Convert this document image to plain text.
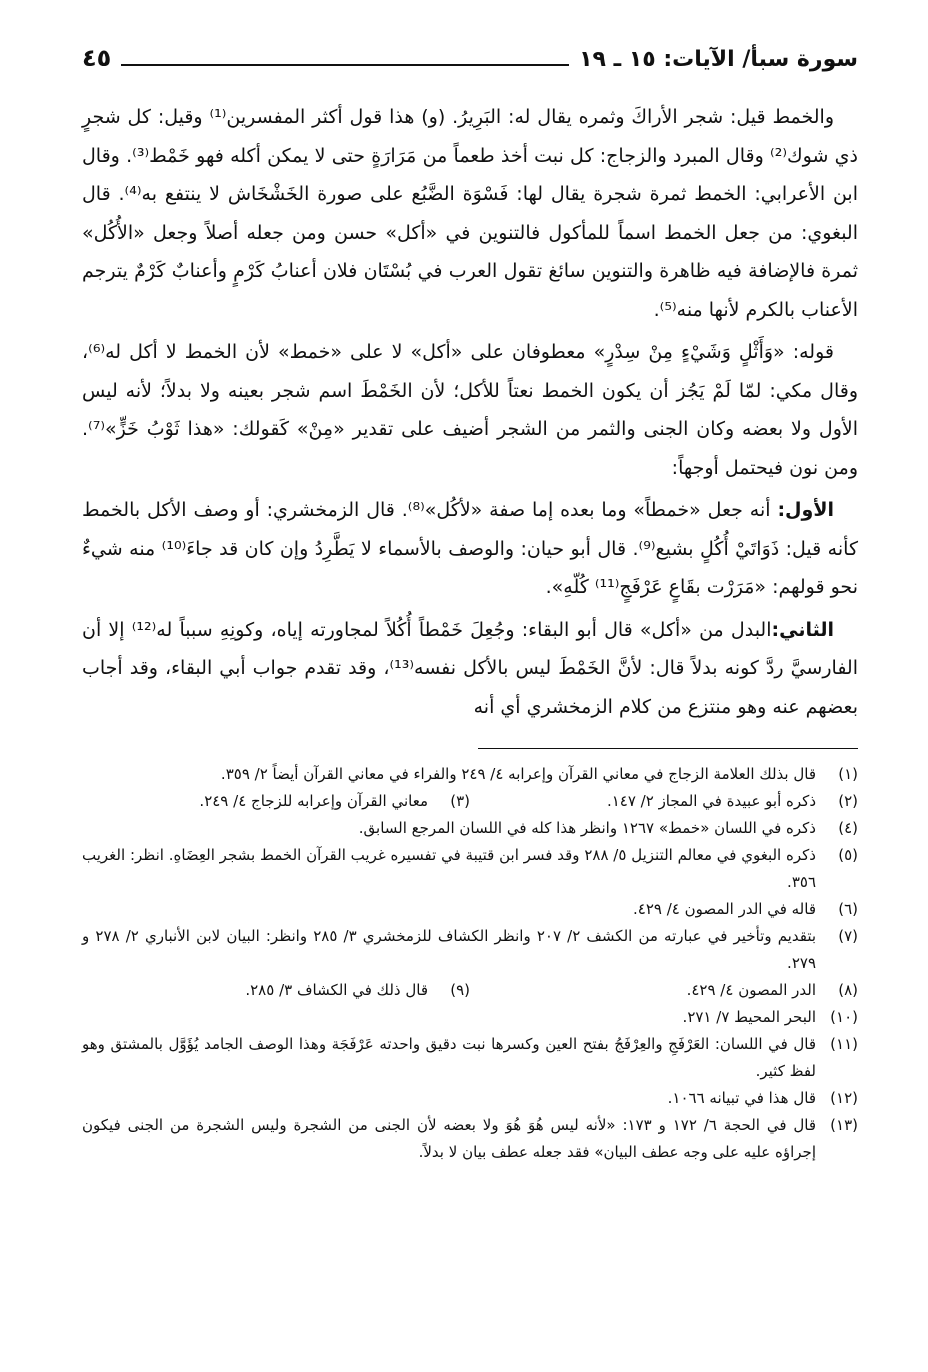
سورة سبأ/ الآيات: ١٥ ـ ١٩
٤٥

والخمط قيل: شجر الأراكَ وثمره يقال له: البَرِيرُ. (و) هذا قول أكثر المفسرين⁽¹⁾ وقيل: كل شجرٍ ذي شوك⁽²⁾ وقال المبرد والزجاج: كل نبت أخذ طعماً من مَرَارَةٍ حتى لا يمكن أكله فهو خَمْط⁽³⁾. وقال ابن الأعرابي: الخمط ثمرة شجرة يقال لها: فَسْوَة الضَّبُع على صورة الخَشْخَاش لا ينتفع به⁽⁴⁾. قال البغوي: من جعل الخمط اسماً للمأكول فالتنوين في «أكل» حسن ومن جعله أصلاً وجعل «الأُكُل» ثمرة فالإضافة فيه ظاهرة والتنوين سائغ تقول العرب في بُسْتَان فلان أعنابُ كَرْمٍ وأعنابٌ كَرْمٌ يترجم الأعناب بالكرم لأنها منه⁽⁵⁾.

قوله: «وَأَثْلٍ وَشَيْءٍ مِنْ سِدْرٍ» معطوفان على «أكل» لا على «خمط» لأن الخمط لا أكل له⁽⁶⁾، وقال مكي: لمّا لَمْ يَجُز أن يكون الخمط نعتاً للأكل؛ لأن الخَمْطَ اسم شجر بعينه ولا بدلاً؛ لأنه ليس الأول ولا بعضه وكان الجنى والثمر من الشجر أضيف على تقدير «مِنْ» كَقولك: «هذا ثَوْبُ خَزٍّ»⁽⁷⁾. ومن نون فيحتمل أوجهاً:

الأول: أنه جعل «خمطاً» وما بعده إما صفة «لأكُل»⁽⁸⁾. قال الزمخشري: أو وصف الأكل بالخمط كأنه قيل: ذَوَاتَيْ أُكُلٍ بشيع⁽⁹⁾. قال أبو حيان: والوصف بالأسماء لا يَطَّرِدُ وإن كان قد جاءَ⁽¹⁰⁾ منه شيءٌ نحو قولهم: «مَرَرْت بقَاعٍ عَرْفَجٍ⁽¹¹⁾ كُلّهِ».

الثاني:البدل من «أكل» قال أبو البقاء: وجُعِلَ خَمْطاً أُكُلاً لمجاورته إياه، وكونِهِ سبباً له⁽¹²⁾ إلا أن الفارسيَّ ردَّ كونه بدلاً قال: لأنَّ الخَمْطَ ليس بالأكل نفسه⁽¹³⁾، وقد تقدم جواب أبي البقاء، وقد أجاب بعضهم عنه وهو منتزع من كلام الزمخشري أي أنه

(١)
قال بذلك العلامة الزجاج في معاني القرآن وإعرابه ٤/ ٢٤٩ والفراء في معاني القرآن أيضاً ٢/ ٣٥٩.
(٢)
ذكره أبو عبيدة في المجاز ٢/ ١٤٧.
(٣)
معاني القرآن وإعرابه للزجاج ٤/ ٢٤٩.
(٤)
ذكره في اللسان «خمط» ١٢٦٧ وانظر هذا كله في اللسان المرجع السابق.
(٥)
ذكره البغوي في معالم التنزيل ٥/ ٢٨٨ وقد فسر ابن قتيبة في تفسيره غريب القرآن الخمط بشجر العِضَاهِ. انظر: الغريب ٣٥٦.
(٦)
قاله في الدر المصون ٤/ ٤٢٩.
(٧)
بتقديم وتأخير في عبارته من الكشف ٢/ ٢٠٧ وانظر الكشاف للزمخشري ٣/ ٢٨٥ وانظر: البيان لابن الأنباري ٢/ ٢٧٨ و ٢٧٩.
(٨)
الدر المصون ٤/ ٤٢٩.
(٩)
قال ذلك في الكشاف ٣/ ٢٨٥.
(١٠)
البحر المحيط ٧/ ٢٧١.
(١١)
قال في اللسان: العَرْفَجِ والعِرْفَجُ بفتح العين وكسرها نبت دقيق واحدته عَرْفَجَة وهذا الوصف الجامد يُؤَوَّل بالمشتق وهو لفظ كثير.
(١٢)
قال هذا في تبيانه ١٠٦٦.
(١٣)
قال في الحجة ٦/ ١٧٢ و ١٧٣: «لأنه ليس هُوَ هُوَ ولا بعضه لأن الجنى من الشجرة وليس الشجرة من الجنى فيكون إجراؤه عليه على وجه عطف البيان» فقد جعله عطف بيان لا بدلاً.
